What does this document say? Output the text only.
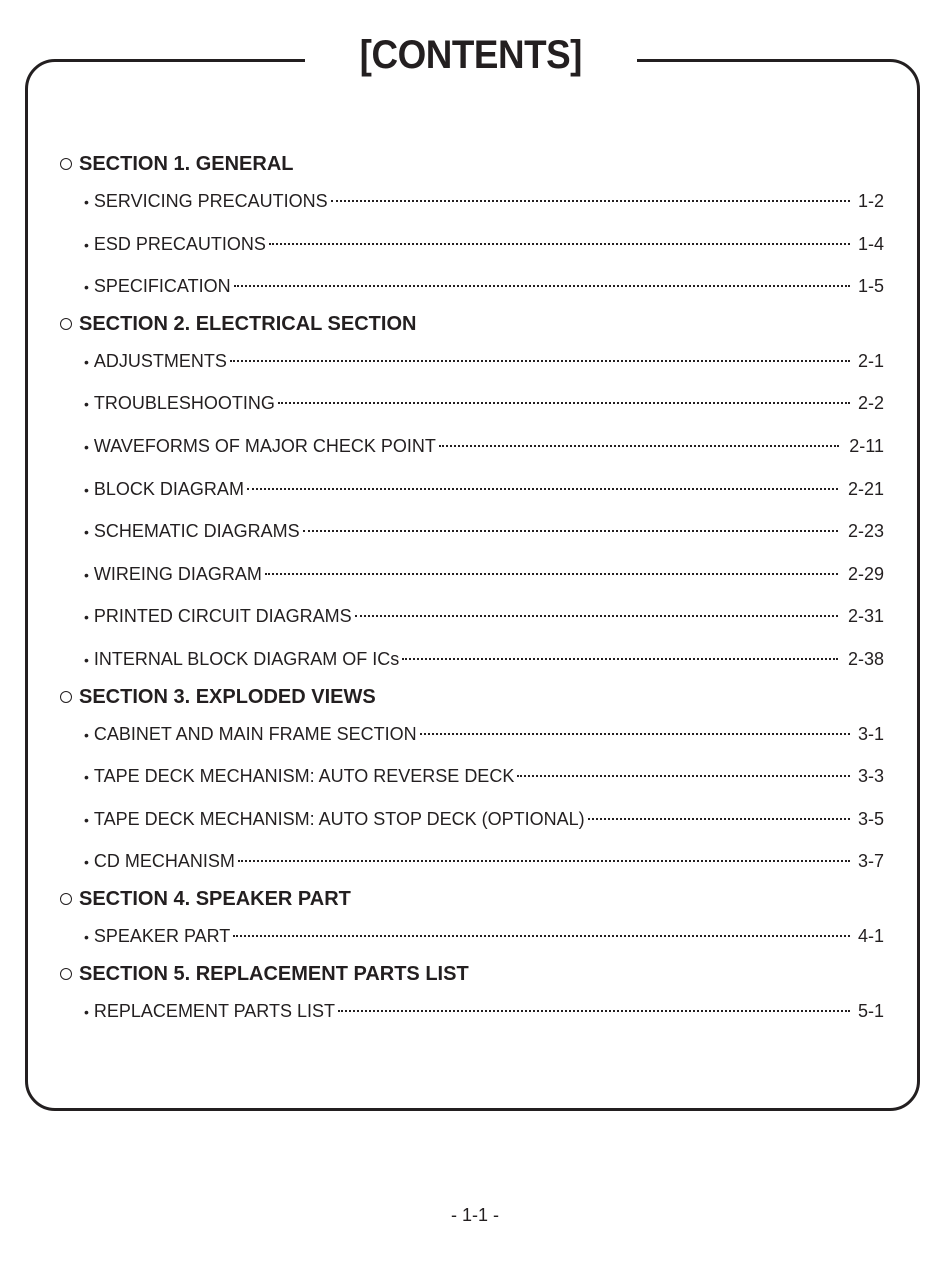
[CONTENTS]
SECTION 1. GENERAL
• SERVICING PRECAUTIONS	1-2
• ESD PRECAUTIONS	1-4
• SPECIFICATION	1-5
SECTION 2. ELECTRICAL SECTION
• ADJUSTMENTS	2-1
• TROUBLESHOOTING	2-2
• WAVEFORMS OF MAJOR CHECK POINT	2-11
• BLOCK DIAGRAM	2-21
• SCHEMATIC DIAGRAMS	2-23
• WIREING DIAGRAM	2-29
• PRINTED CIRCUIT DIAGRAMS	2-31
• INTERNAL BLOCK DIAGRAM OF ICs	2-38
SECTION 3. EXPLODED VIEWS
• CABINET AND MAIN FRAME SECTION	3-1
• TAPE DECK MECHANISM: AUTO REVERSE DECK	3-3
• TAPE DECK MECHANISM: AUTO STOP DECK (OPTIONAL)	3-5
• CD MECHANISM	3-7
SECTION 4. SPEAKER PART
• SPEAKER PART	4-1
SECTION 5. REPLACEMENT PARTS LIST
• REPLACEMENT PARTS LIST	5-1
- 1-1 -
